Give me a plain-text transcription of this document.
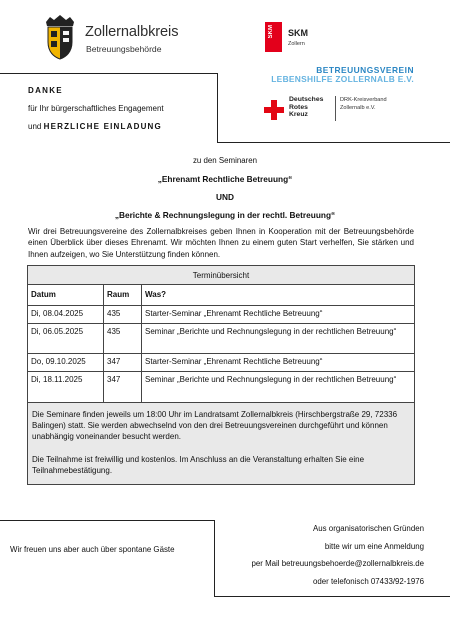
Zollernalbkreis
Betreuungsbehörde
SKM SKM
Zollern
BETREUUNGSVEREIN
LEBENSHILFE ZOLLERNALB E.V.
Deutsches
Rotes
Kreuz
DRK-Kreisverband
Zollernalb e.V.
DANKE
für Ihr bürgerschaftliches Engagement
und HERZLICHE EINLADUNG
zu den Seminaren
„Ehrenamt Rechtliche Betreuung“
UND
„Berichte & Rechnungslegung in der rechtl. Betreuung“
Wir drei Betreuungsvereine des Zollernalbkreises geben Ihnen in Kooperation mit der Betreuungsbehörde einen Überblick über dieses Ehrenamt. Wir möchten Ihnen zu einem guten Start verhelfen, Sie stärken und Ihnen aufzeigen, wo Sie Unterstützung finden können.
Terminübersicht
Datum	Raum	Was?
Di, 08.04.2025	435	Starter-Seminar „Ehrenamt Rechtliche Betreuung“
Di, 06.05.2025	435	Seminar „Berichte und Rechnungslegung in der rechtlichen Betreuung“
Do, 09.10.2025	347	Starter-Seminar „Ehrenamt Rechtliche Betreuung“
Di, 18.11.2025	347	Seminar „Berichte und Rechnungslegung in der rechtlichen Betreuung“

Die Seminare finden jeweils um 18:00 Uhr im Landratsamt Zollernalbkreis (Hirschbergstraße 29, 72336 Balingen) statt. Sie werden abwechselnd von den drei Betreuungsvereinen durchgeführt und können unabhängig voneinander besucht werden.

Die Teilnahme ist freiwillig und kostenlos. Im Anschluss an die Veranstaltung erhalten Sie eine Teilnahmebestätigung.

Wir freuen uns aber auch über spontane Gäste
Aus organisatorischen Gründen
bitte wir um eine Anmeldung
per Mail betreuungsbehoerde@zollernalbkreis.de
oder telefonisch 07433/92-1976
